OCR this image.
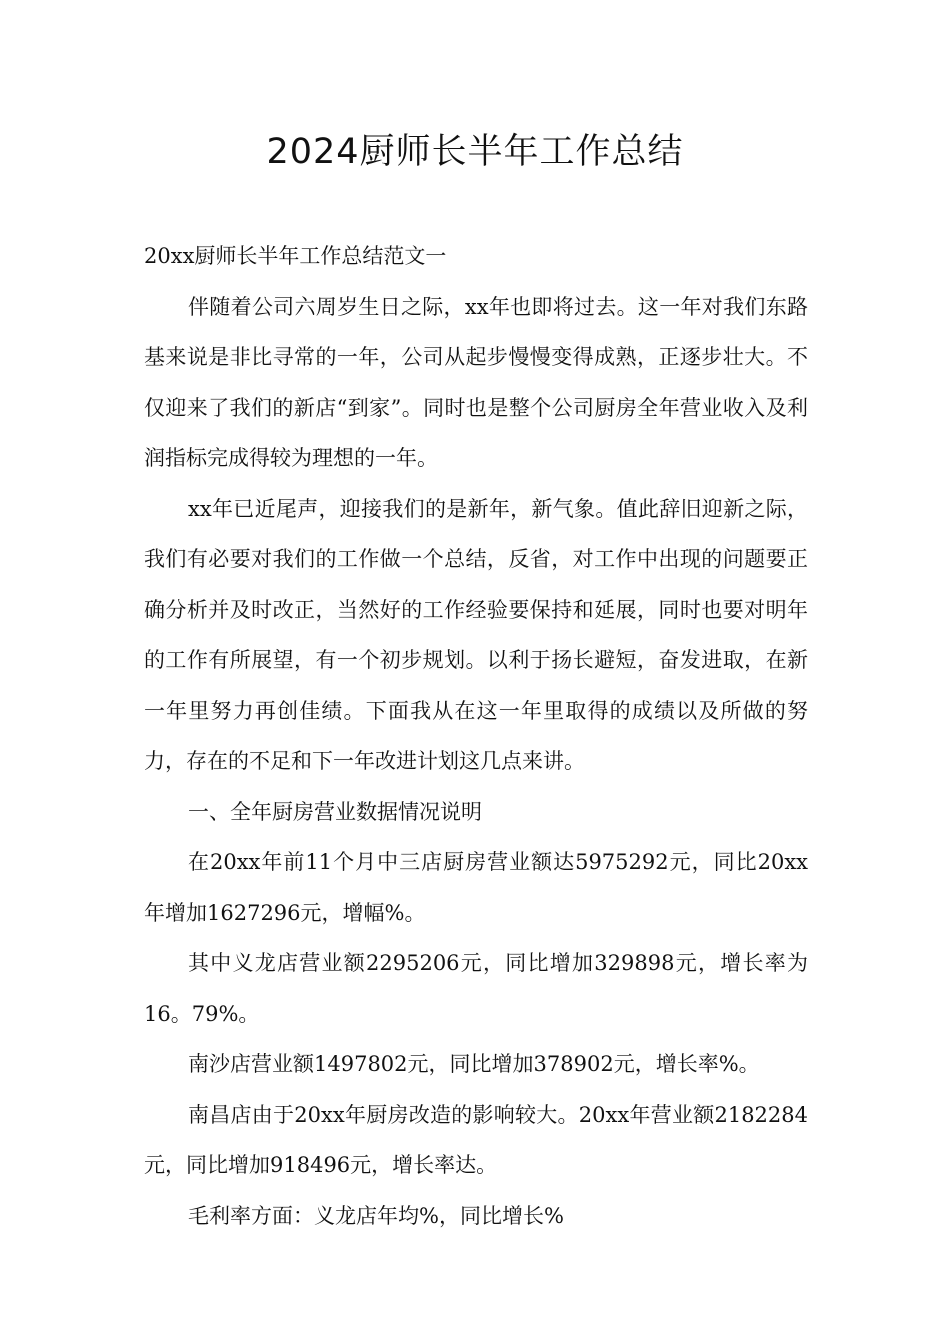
2024厨师长半年工作总结

20xx厨师长半年工作总结范文一

伴随着公司六周岁生日之际，xx年也即将过去。这一年对我们东路基来说是非比寻常的一年，公司从起步慢慢变得成熟，正逐步壮大。不仅迎来了我们的新店“到家”。同时也是整个公司厨房全年营业收入及利润指标完成得较为理想的一年。

xx年已近尾声，迎接我们的是新年，新气象。值此辞旧迎新之际，我们有必要对我们的工作做一个总结，反省，对工作中出现的问题要正确分析并及时改正，当然好的工作经验要保持和延展，同时也要对明年的工作有所展望，有一个初步规划。以利于扬长避短，奋发进取，在新一年里努力再创佳绩。下面我从在这一年里取得的成绩以及所做的努力，存在的不足和下一年改进计划这几点来讲。

一、全年厨房营业数据情况说明

在20xx年前11个月中三店厨房营业额达5975292元，同比20xx年增加1627296元，增幅%。

其中义龙店营业额2295206元，同比增加329898元，增长率为16。79%。

南沙店营业额1497802元，同比增加378902元，增长率%。

南昌店由于20xx年厨房改造的影响较大。20xx年营业额2182284元，同比增加918496元，增长率达。

毛利率方面：义龙店年均%，同比增长%
